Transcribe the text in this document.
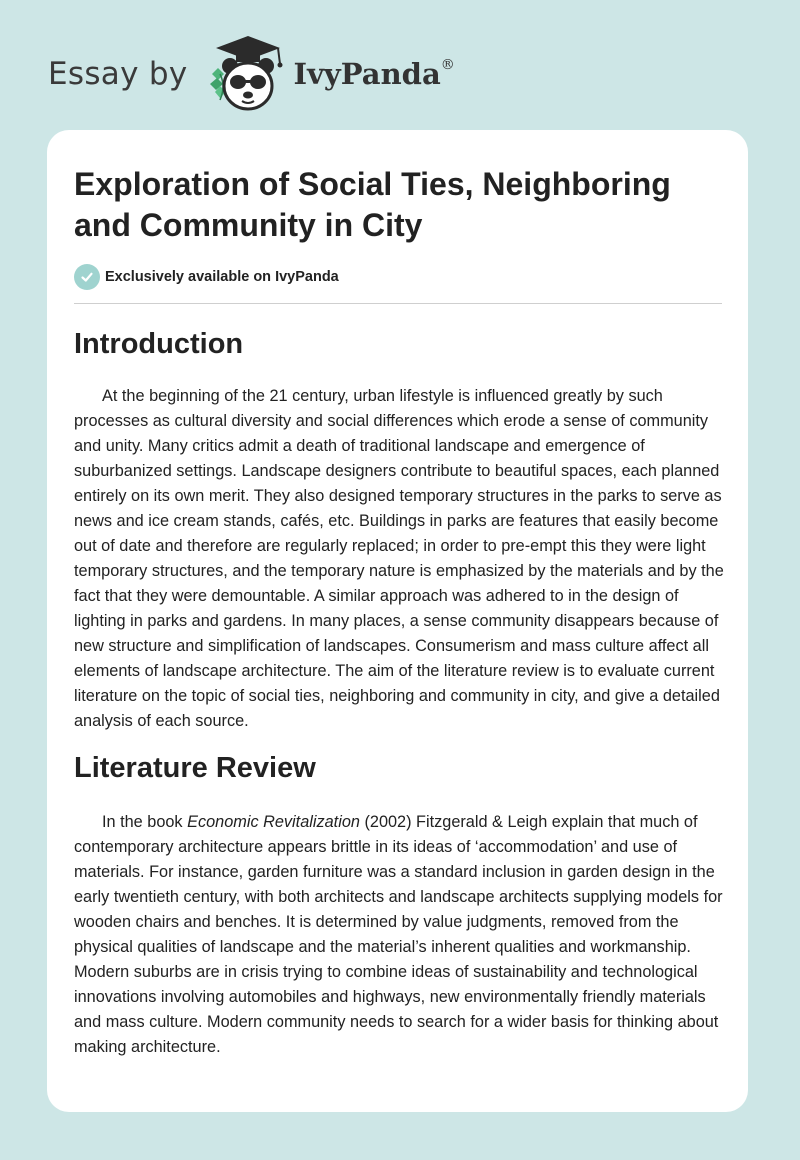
Essay by	IvyPanda®
Exploration of Social Ties, Neighboring and Community in City
Exclusively available on IvyPanda
Introduction

At the beginning of the 21 century, urban lifestyle is influenced greatly by such processes as cultural diversity and social differences which erode a sense of community and unity. Many critics admit a death of traditional landscape and emergence of suburbanized settings. Landscape designers contribute to beautiful spaces, each planned entirely on its own merit. They also designed temporary structures in the parks to serve as news and ice cream stands, cafés, etc. Buildings in parks are features that easily become out of date and therefore are regularly replaced; in order to pre-empt this they were light temporary structures, and the temporary nature is emphasized by the materials and by the fact that they were demountable. A similar approach was adhered to in the design of lighting in parks and gardens. In many places, a sense community disappears because of new structure and simplification of landscapes. Consumerism and mass culture affect all elements of landscape architecture. The aim of the literature review is to evaluate current literature on the topic of social ties, neighboring and community in city, and give a detailed analysis of each source.

Literature Review

In the book Economic Revitalization (2002) Fitzgerald & Leigh explain that much of contemporary architecture appears brittle in its ideas of ‘accommodation’ and use of materials. For instance, garden furniture was a standard inclusion in garden design in the early twentieth century, with both architects and landscape architects supplying models for wooden chairs and benches. It is determined by value judgments, removed from the physical qualities of landscape and the material’s inherent qualities and workmanship. Modern suburbs are in crisis trying to combine ideas of sustainability and technological innovations involving automobiles and highways, new environmentally friendly materials and mass culture. Modern community needs to search for a wider basis for thinking about making architecture.
